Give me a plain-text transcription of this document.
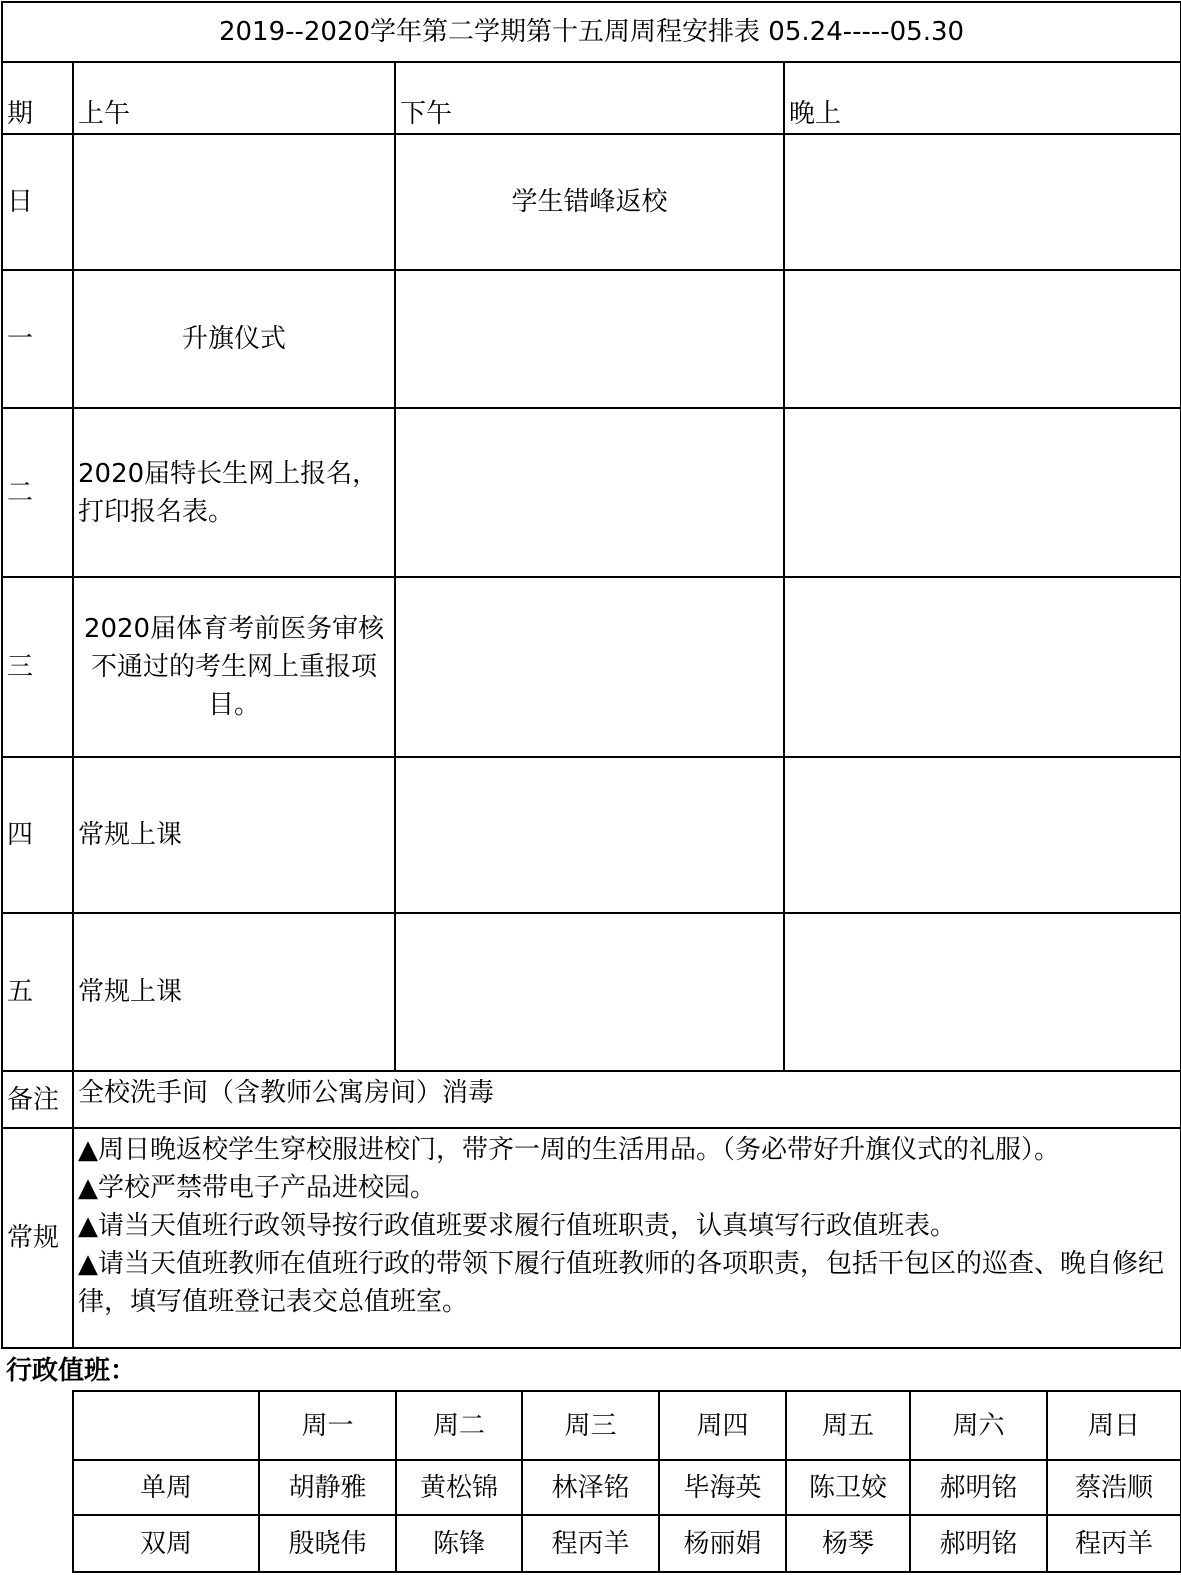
2019--2020学年第二学期第十五周周程安排表 05.24-----05.30			
期	上午	下午	晚上
日		学生错峰返校	
一	升旗仪式		
二	2020届特长生网上报名，打印报名表。		
三	2020届体育考前医务审核不通过的考生网上重报项目。		
四	常规上课		
五	常规上课		
备注	全校洗手间（含教师公寓房间）消毒		
常规	▲周日晚返校学生穿校服进校门，带齐一周的生活用品。（务必带好升旗仪式的礼服）。
▲学校严禁带电子产品进校园。
▲请当天值班行政领导按行政值班要求履行值班职责，认真填写行政值班表。
▲请当天值班教师在值班行政的带领下履行值班教师的各项职责，包括干包区的巡查、晚自修纪律，填写值班登记表交总值班室。		
行政值班：
	周一	周二	周三	周四	周五	周六	周日
单周	胡静雅	黄松锦	林泽铭	毕海英	陈卫姣	郝明铭	蔡浩顺
双周	殷晓伟	陈锋	程丙羊	杨丽娟	杨琴	郝明铭	程丙羊
